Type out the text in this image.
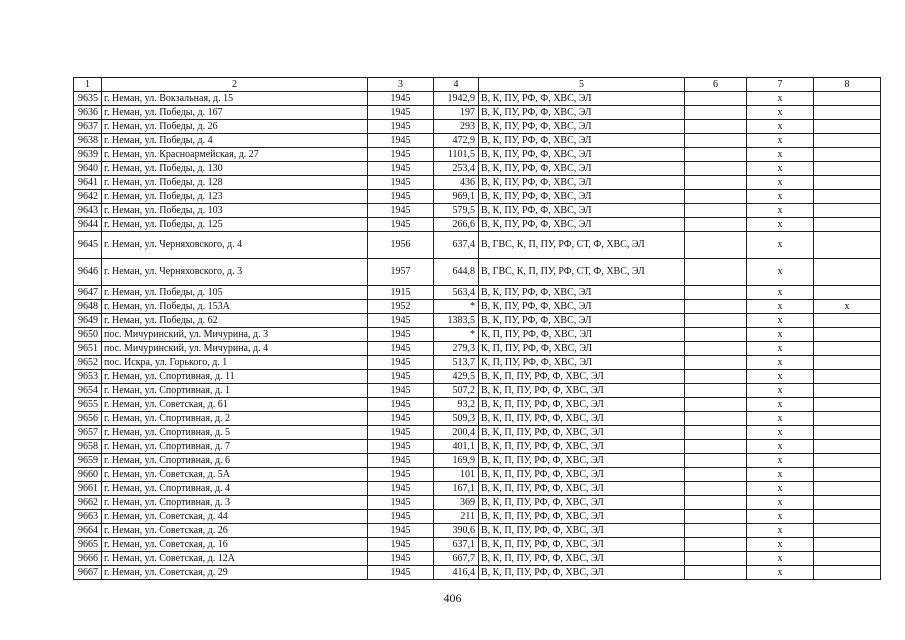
1	2	3	4	5	6	7	8
9635	г. Неман, ул. Вокзальная, д. 15	1945	1942,9	В, К, ПУ, РФ, Ф, ХВС, ЭЛ		х	
9636	г. Неман, ул. Победы, д. 167	1945	197	В, К, ПУ, РФ, Ф, ХВС, ЭЛ		х	
9637	г. Неман, ул. Победы, д. 26	1945	293	В, К, ПУ, РФ, Ф, ХВС, ЭЛ		х	
9638	г. Неман, ул. Победы, д. 4	1945	472,9	В, К, ПУ, РФ, Ф, ХВС, ЭЛ		х	
9639	г. Неман, ул. Красноармейская, д. 27	1945	1101,5	В, К, ПУ, РФ, Ф, ХВС, ЭЛ		х	
9640	г. Неман, ул. Победы, д. 130	1945	253,4	В, К, ПУ, РФ, Ф, ХВС, ЭЛ		х	
9641	г. Неман, ул. Победы, д. 128	1945	436	В, К, ПУ, РФ, Ф, ХВС, ЭЛ		х	
9642	г. Неман, ул. Победы, д. 123	1945	969,1	В, К, ПУ, РФ, Ф, ХВС, ЭЛ		х	
9643	г. Неман, ул. Победы, д. 103	1945	579,5	В, К, ПУ, РФ, Ф, ХВС, ЭЛ		х	
9644	г. Неман, ул. Победы, д. 125	1945	266,6	В, К, ПУ, РФ, Ф, ХВС, ЭЛ		х	
9645	г. Неман, ул. Черняховского, д. 4	1956	637,4	В, ГВС, К, П, ПУ, РФ, СТ, Ф, ХВС, ЭЛ		х	
9646	г. Неман, ул. Черняховского, д. 3	1957	644,8	В, ГВС, К, П, ПУ, РФ, СТ, Ф, ХВС, ЭЛ		х	
9647	г. Неман, ул. Победы, д. 105	1915	563,4	В, К, ПУ, РФ, Ф, ХВС, ЭЛ		х	
9648	г. Неман, ул. Победы, д. 153А	1952	*	В, К, ПУ, РФ, Ф, ХВС, ЭЛ		х	х
9649	г. Неман, ул. Победы, д. 62	1945	1383,5	В, К, ПУ, РФ, Ф, ХВС, ЭЛ		х	
9650	пос. Мичуринский, ул. Мичурина, д. 3	1945	*	К, П, ПУ, РФ, Ф, ХВС, ЭЛ		х	
9651	пос. Мичуринский, ул. Мичурина, д. 4	1945	279,3	К, П, ПУ, РФ, Ф, ХВС, ЭЛ		х	
9652	пос. Искра, ул. Горького, д. 1	1945	513,7	К, П, ПУ, РФ, Ф, ХВС, ЭЛ		х	
9653	г. Неман, ул. Спортивная, д. 11	1945	429,5	В, К, П, ПУ, РФ, Ф, ХВС, ЭЛ		х	
9654	г. Неман, ул. Спортивная, д. 1	1945	507,2	В, К, П, ПУ, РФ, Ф, ХВС, ЭЛ		х	
9655	г. Неман, ул. Советская, д. 61	1945	93,2	В, К, П, ПУ, РФ, Ф, ХВС, ЭЛ		х	
9656	г. Неман, ул. Спортивная, д. 2	1945	509,3	В, К, П, ПУ, РФ, Ф, ХВС, ЭЛ		х	
9657	г. Неман, ул. Спортивная, д. 5	1945	200,4	В, К, П, ПУ, РФ, Ф, ХВС, ЭЛ		х	
9658	г. Неман, ул. Спортивная, д. 7	1945	401,1	В, К, П, ПУ, РФ, Ф, ХВС, ЭЛ		х	
9659	г. Неман, ул. Спортивная, д. 6	1945	169,9	В, К, П, ПУ, РФ, Ф, ХВС, ЭЛ		х	
9660	г. Неман, ул. Советская, д. 5А	1945	101	В, К, П, ПУ, РФ, Ф, ХВС, ЭЛ		х	
9661	г. Неман, ул. Спортивная, д. 4	1945	167,1	В, К, П, ПУ, РФ, Ф, ХВС, ЭЛ		х	
9662	г. Неман, ул. Спортивная, д. 3	1945	369	В, К, П, ПУ, РФ, Ф, ХВС, ЭЛ		х	
9663	г. Неман, ул. Советская, д. 44	1945	211	В, К, П, ПУ, РФ, Ф, ХВС, ЭЛ		х	
9664	г. Неман, ул. Советская, д. 26	1945	390,6	В, К, П, ПУ, РФ, Ф, ХВС, ЭЛ		х	
9665	г. Неман, ул. Советская, д. 16	1945	637,1	В, К, П, ПУ, РФ, Ф, ХВС, ЭЛ		х	
9666	г. Неман, ул. Советская, д. 12А	1945	667,7	В, К, П, ПУ, РФ, Ф, ХВС, ЭЛ		х	
9667	г. Неман, ул. Советская, д. 29	1945	416,4	В, К, П, ПУ, РФ, Ф, ХВС, ЭЛ		х	
406
